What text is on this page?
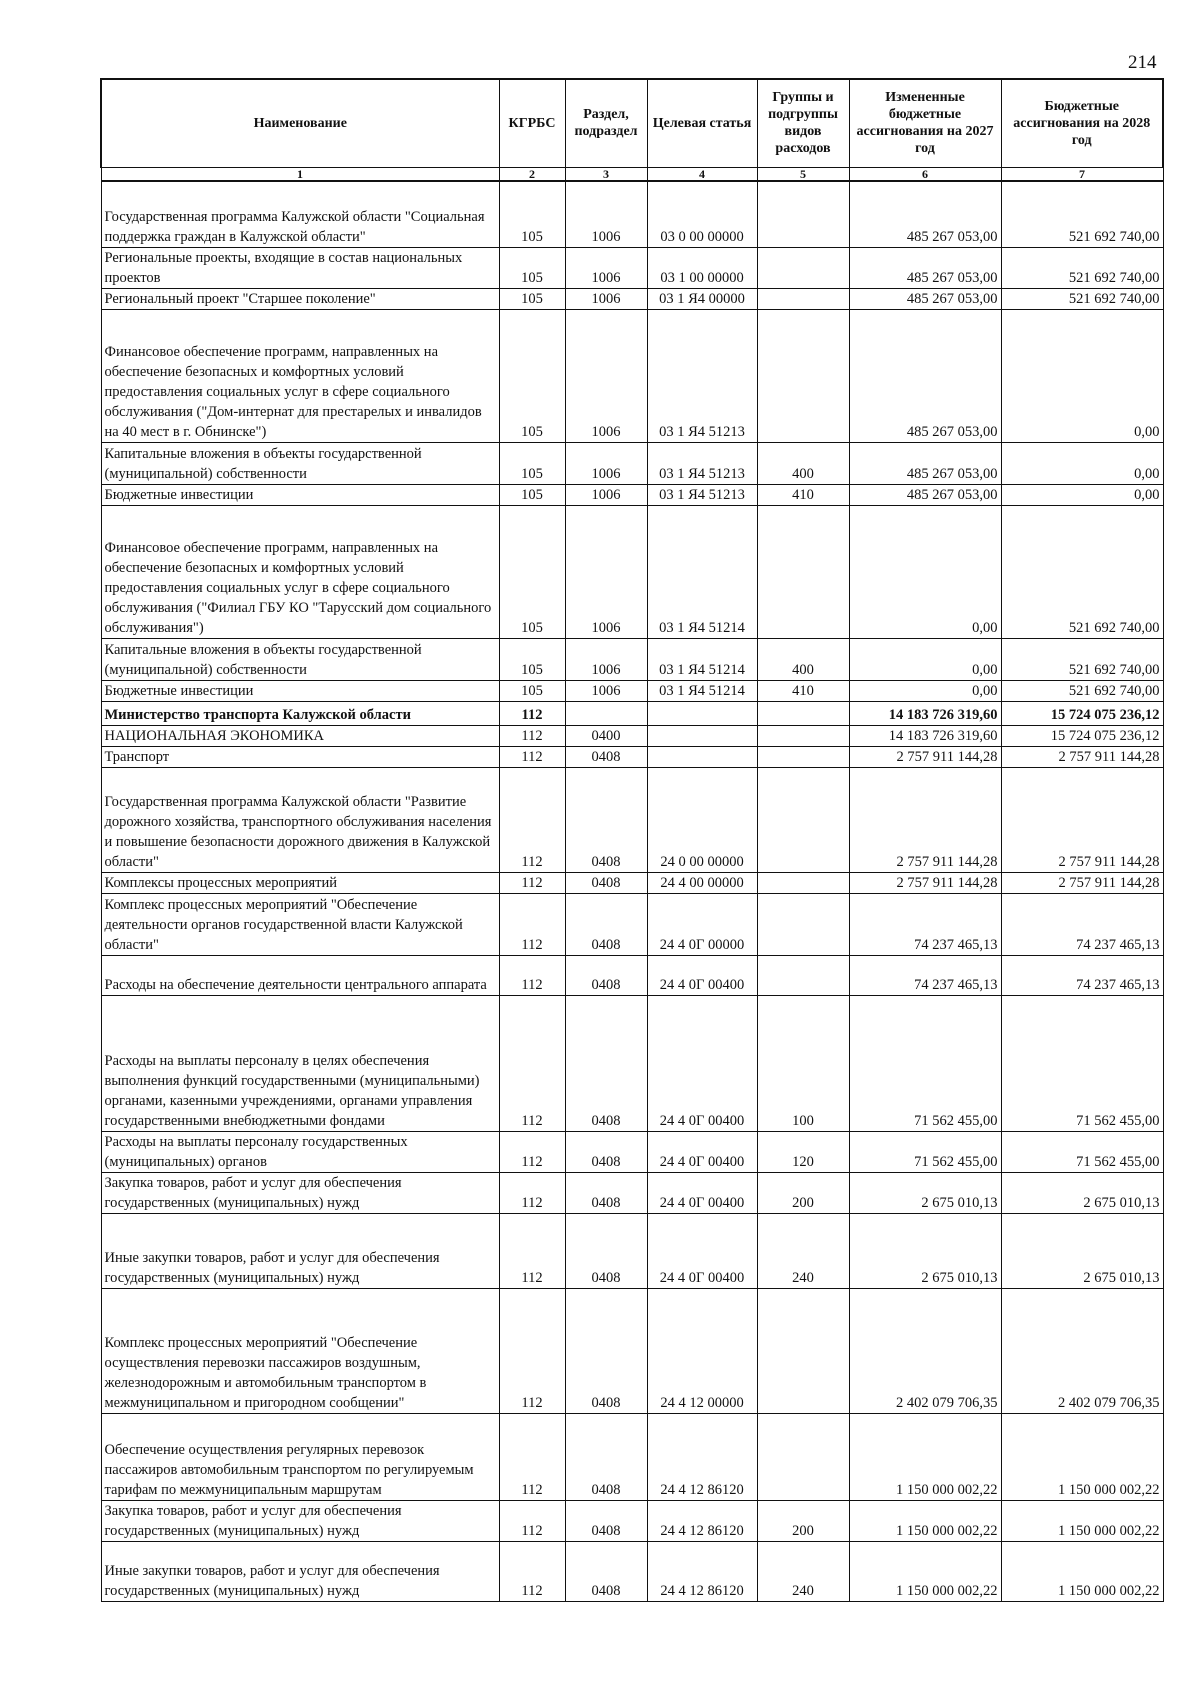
214
Наименование	КГРБС	Раздел, подраздел	Целевая статья	Группы и подгруппы видов расходов	Измененные бюджетные ассигнования на 2027 год	Бюджетные ассигнования на 2028 год
1	2	3	4	5	6	7
Государственная программа Калужской области "Социальная поддержка граждан в Калужской области"	105	1006	03 0 00 00000		485 267 053,00	521 692 740,00
Региональные проекты, входящие в состав национальных проектов	105	1006	03 1 00 00000		485 267 053,00	521 692 740,00
Региональный проект "Старшее поколение"	105	1006	03 1 Я4 00000		485 267 053,00	521 692 740,00
Финансовое обеспечение программ, направленных на обеспечение безопасных и комфортных условий предоставления социальных услуг в сфере социального обслуживания ("Дом-интернат для престарелых и инвалидов на 40 мест в г. Обнинске")	105	1006	03 1 Я4 51213		485 267 053,00	0,00
Капитальные вложения в объекты государственной (муниципальной) собственности	105	1006	03 1 Я4 51213	400	485 267 053,00	0,00
Бюджетные инвестиции	105	1006	03 1 Я4 51213	410	485 267 053,00	0,00
Финансовое обеспечение программ, направленных на обеспечение безопасных и комфортных условий предоставления социальных услуг в сфере социального обслуживания ("Филиал ГБУ КО "Тарусский дом социального обслуживания")	105	1006	03 1 Я4 51214		0,00	521 692 740,00
Капитальные вложения в объекты государственной (муниципальной) собственности	105	1006	03 1 Я4 51214	400	0,00	521 692 740,00
Бюджетные инвестиции	105	1006	03 1 Я4 51214	410	0,00	521 692 740,00
Министерство транспорта Калужской области	112				14 183 726 319,60	15 724 075 236,12
НАЦИОНАЛЬНАЯ ЭКОНОМИКА	112	0400			14 183 726 319,60	15 724 075 236,12
Транспорт	112	0408			2 757 911 144,28	2 757 911 144,28
Государственная программа Калужской области "Развитие дорожного хозяйства, транспортного обслуживания населения и повышение безопасности дорожного движения в Калужской области"	112	0408	24 0 00 00000		2 757 911 144,28	2 757 911 144,28
Комплексы процессных мероприятий	112	0408	24 4 00 00000		2 757 911 144,28	2 757 911 144,28
Комплекс процессных мероприятий "Обеспечение деятельности органов государственной власти Калужской области"	112	0408	24 4 0Г 00000		74 237 465,13	74 237 465,13
Расходы на обеспечение деятельности центрального аппарата	112	0408	24 4 0Г 00400		74 237 465,13	74 237 465,13
Расходы на выплаты персоналу в целях обеспечения выполнения функций государственными (муниципальными) органами, казенными учреждениями, органами управления государственными внебюджетными фондами	112	0408	24 4 0Г 00400	100	71 562 455,00	71 562 455,00
Расходы на выплаты персоналу государственных (муниципальных) органов	112	0408	24 4 0Г 00400	120	71 562 455,00	71 562 455,00
Закупка товаров, работ и услуг для обеспечения государственных (муниципальных) нужд	112	0408	24 4 0Г 00400	200	2 675 010,13	2 675 010,13
Иные закупки товаров, работ и услуг для обеспечения государственных (муниципальных) нужд	112	0408	24 4 0Г 00400	240	2 675 010,13	2 675 010,13
Комплекс процессных мероприятий "Обеспечение осуществления перевозки пассажиров воздушным, железнодорожным и автомобильным транспортом в межмуниципальном и пригородном сообщении"	112	0408	24 4 12 00000		2 402 079 706,35	2 402 079 706,35
Обеспечение осуществления регулярных перевозок пассажиров автомобильным транспортом по регулируемым тарифам по межмуниципальным маршрутам	112	0408	24 4 12 86120		1 150 000 002,22	1 150 000 002,22
Закупка товаров, работ и услуг для обеспечения государственных (муниципальных) нужд	112	0408	24 4 12 86120	200	1 150 000 002,22	1 150 000 002,22
Иные закупки товаров, работ и услуг для обеспечения государственных (муниципальных) нужд	112	0408	24 4 12 86120	240	1 150 000 002,22	1 150 000 002,22
